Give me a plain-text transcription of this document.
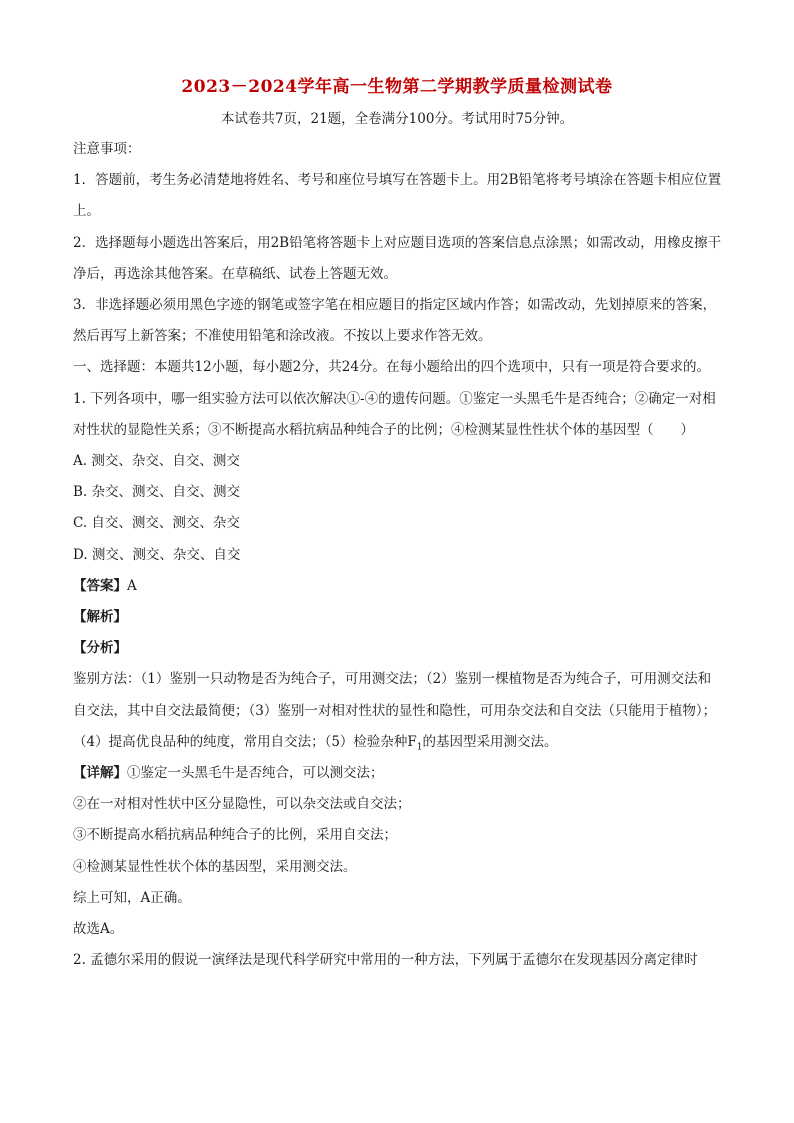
2023－2024学年高一生物第二学期教学质量检测试卷
本试卷共7页，21题，全卷满分100分。考试用时75分钟。

注意事项：

1．答题前，考生务必清楚地将姓名、考号和座位号填写在答题卡上。用2B铅笔将考号填涂在答题卡相应位置上。

2．选择题每小题选出答案后，用2B铅笔将答题卡上对应题目选项的答案信息点涂黑；如需改动，用橡皮擦干净后，再选涂其他答案。在草稿纸、试卷上答题无效。

3．非选择题必须用黑色字迹的钢笔或签字笔在相应题目的指定区域内作答；如需改动，先划掉原来的答案，然后再写上新答案；不准使用铅笔和涂改液。不按以上要求作答无效。

一、选择题：本题共12小题，每小题2分，共24分。在每小题给出的四个选项中，只有一项是符合要求的。

1. 下列各项中，哪一组实验方法可以依次解决①-④的遗传问题。①鉴定一头黑毛牛是否纯合；②确定一对相对性状的显隐性关系；③不断提高水稻抗病品种纯合子的比例；④检测某显性性状个体的基因型（　　）

A. 测交、杂交、自交、测交

B. 杂交、测交、自交、测交

C. 自交、测交、测交、杂交

D. 测交、测交、杂交、自交

【答案】A

【解析】

【分析】

鉴别方法：（1）鉴别一只动物是否为纯合子，可用测交法；（2）鉴别一棵植物是否为纯合子，可用测交法和自交法，其中自交法最简便；（3）鉴别一对相对性状的显性和隐性，可用杂交法和自交法（只能用于植物）；（4）提高优良品种的纯度，常用自交法；（5）检验杂种$F_1$的基因型采用测交法。

【详解】①鉴定一头黑毛牛是否纯合，可以测交法；

②在一对相对性状中区分显隐性，可以杂交法或自交法；

③不断提高水稻抗病品种纯合子的比例，采用自交法；

④检测某显性性状个体的基因型，采用测交法。

综上可知，A正确。

故选A。

2. 孟德尔采用的假说一演绎法是现代科学研究中常用的一种方法，下列属于孟德尔在发现基因分离定律时
